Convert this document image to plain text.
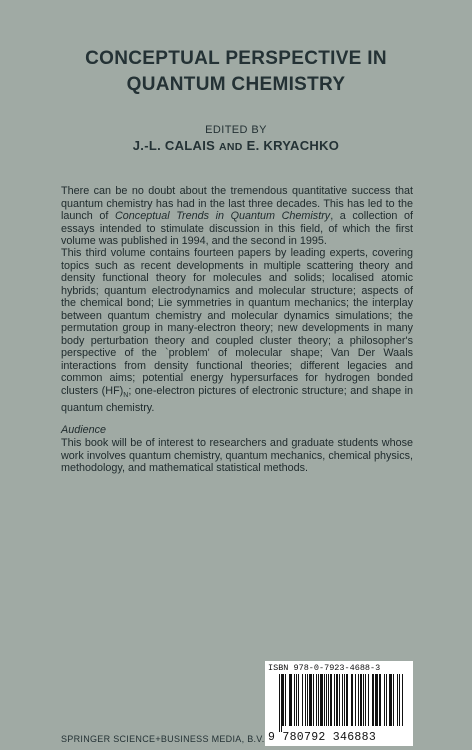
CONCEPTUAL PERSPECTIVE IN
QUANTUM CHEMISTRY
EDITED BY
J.-L. CALAIS AND E. KRYACHKO
There can be no doubt about the tremendous quantitative success that quantum chemistry has had in the last three decades. This has led to the launch of Conceptual Trends in Quantum Chemistry, a collection of essays intended to stimulate discussion in this field, of which the first volume was published in 1994, and the second in 1995.
This third volume contains fourteen papers by leading experts, covering topics such as recent developments in multiple scattering theory and density functional theory for molecules and solids; localised atomic hybrids; quantum electrodynamics and molecular structure; aspects of the chemical bond; Lie symmetries in quantum mechanics; the interplay between quantum chemistry and molecular dynamics simulations; the permutation group in many-electron theory; new developments in many body perturbation theory and coupled cluster theory; a philosopher's perspective of the `problem' of molecular shape; Van Der Waals interactions from density functional theories; different legacies and common aims; potential energy hypersurfaces for hydrogen bonded clusters $(HF)_N$; one-electron pictures of electronic structure; and shape in quantum chemistry.
Audience
This book will be of interest to researchers and graduate students whose work involves quantum chemistry, quantum mechanics, chemical physics, methodology, and mathematical statistical methods.
ISBN 978-0-7923-4688-3
9 780792 346883
SPRINGER SCIENCE+BUSINESS MEDIA, B.V.
